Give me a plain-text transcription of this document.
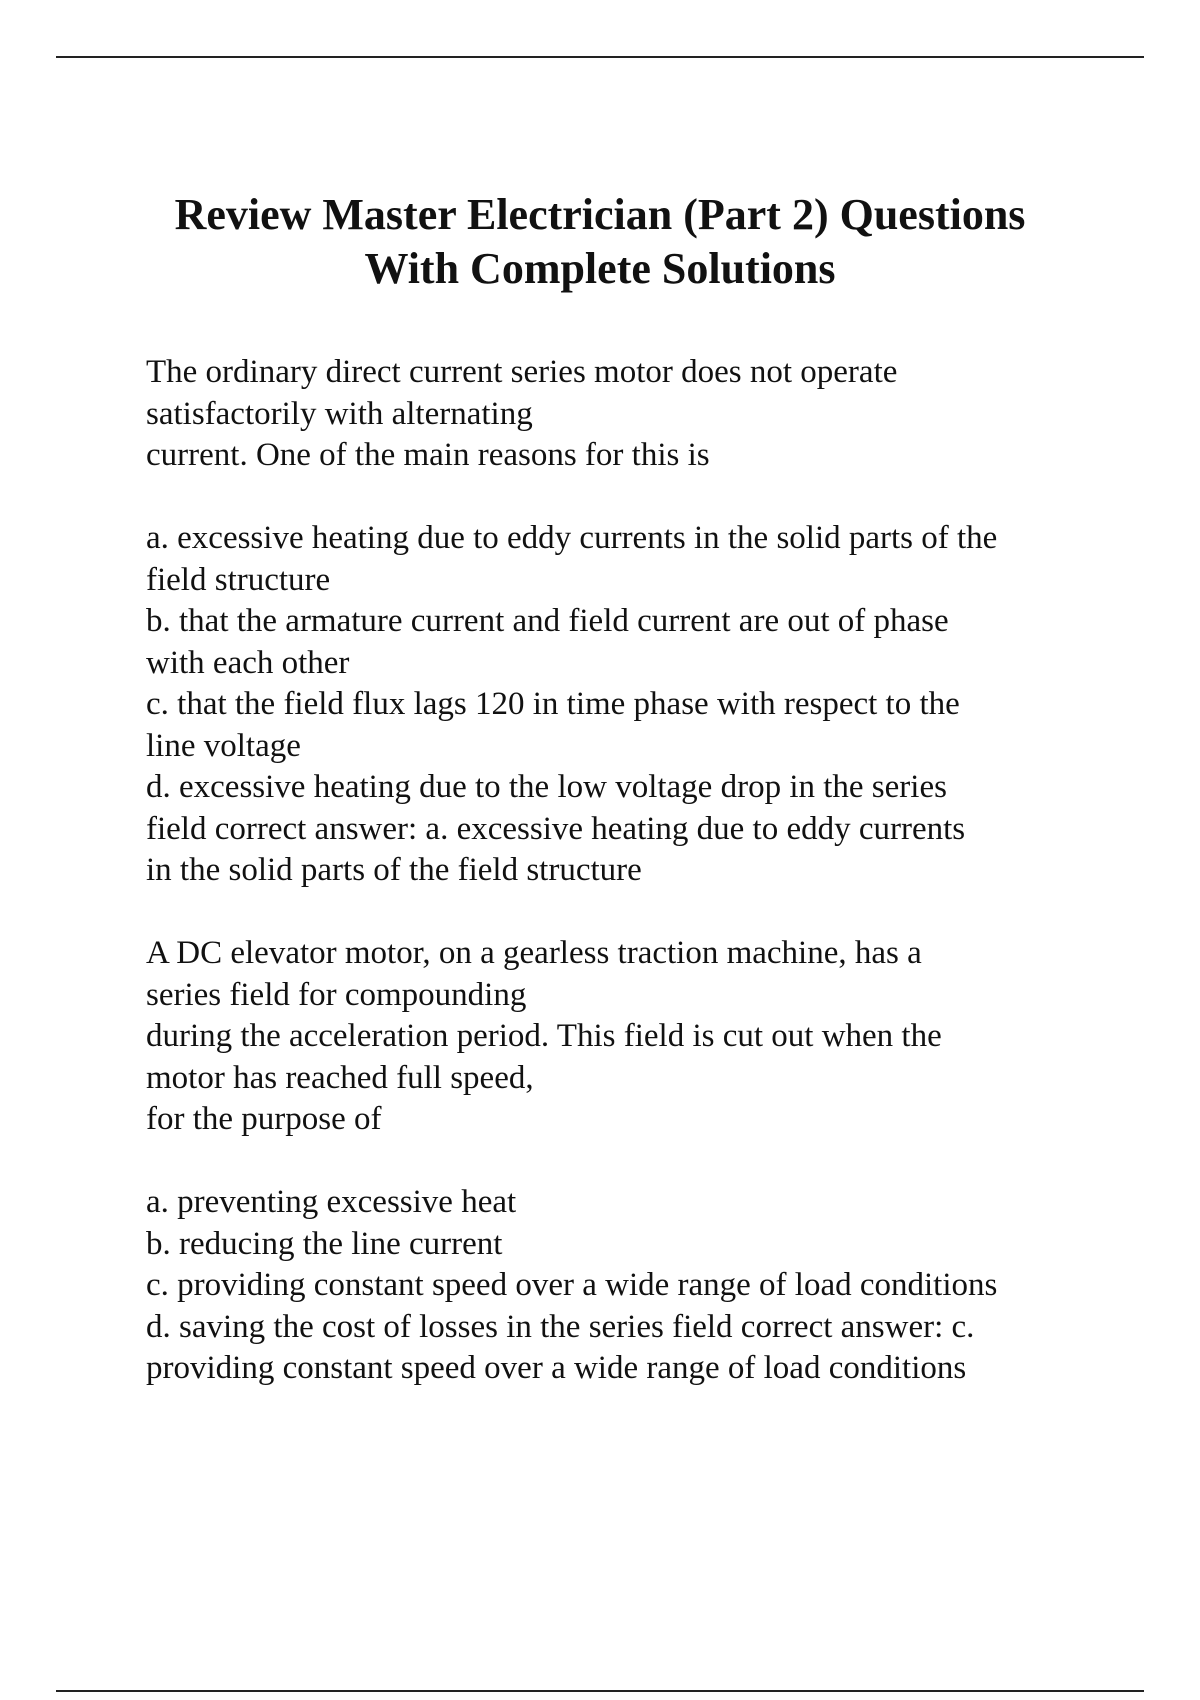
Review Master Electrician (Part 2) Questions
With Complete Solutions
The ordinary direct current series motor does not operate
satisfactorily with alternating
current. One of the main reasons for this is
a. excessive heating due to eddy currents in the solid parts of the
field structure
b. that the armature current and field current are out of phase
with each other
c. that the field flux lags 120 in time phase with respect to the
line voltage
d. excessive heating due to the low voltage drop in the series
field correct answer: a. excessive heating due to eddy currents
in the solid parts of the field structure
A DC elevator motor, on a gearless traction machine, has a
series field for compounding
during the acceleration period. This field is cut out when the
motor has reached full speed,
for the purpose of
a. preventing excessive heat
b. reducing the line current
c. providing constant speed over a wide range of load conditions
d. saving the cost of losses in the series field correct answer: c.
providing constant speed over a wide range of load conditions
